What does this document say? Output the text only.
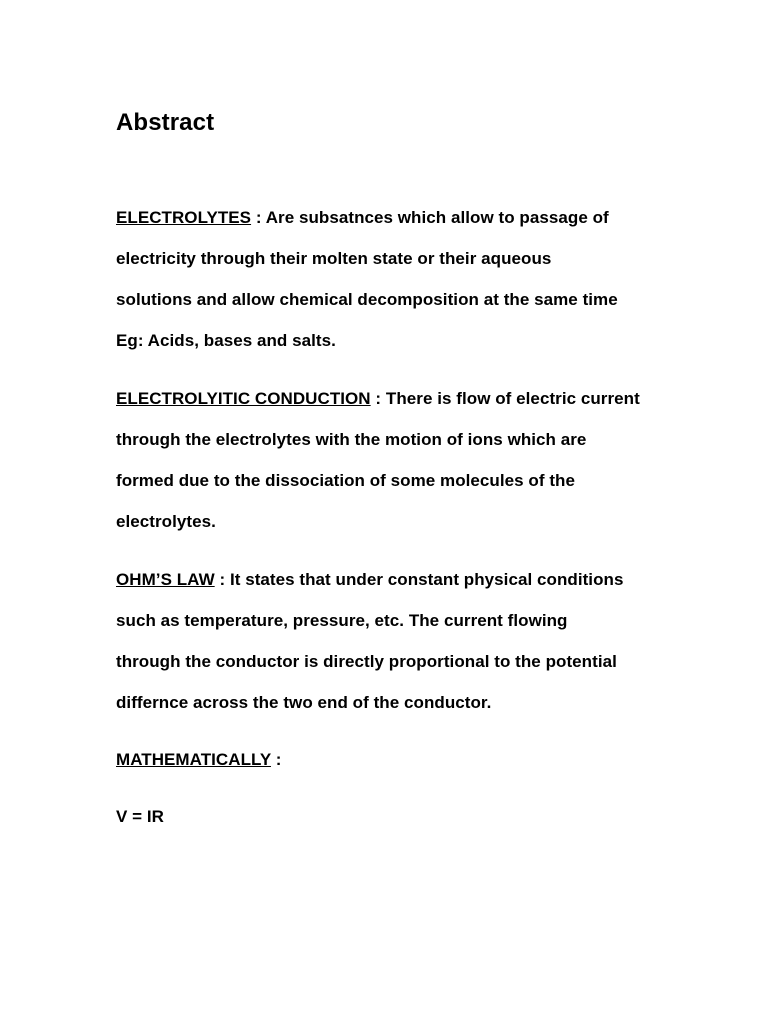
Abstract
ELECTROLYTES : Are subsatnces which allow to passage of
electricity through their molten state or their aqueous
solutions and allow chemical decomposition at the same time
Eg: Acids, bases and salts.
ELECTROLYITIC CONDUCTION : There is flow of electric current
through the electrolytes with the motion of ions which are
formed due to the dissociation of some molecules of the
electrolytes.
OHM’S LAW : It states that under constant physical conditions
such as temperature, pressure, etc. The current flowing
through the conductor is directly proportional to the potential
differnce across the two end of the conductor.
MATHEMATICALLY :
V = IR
